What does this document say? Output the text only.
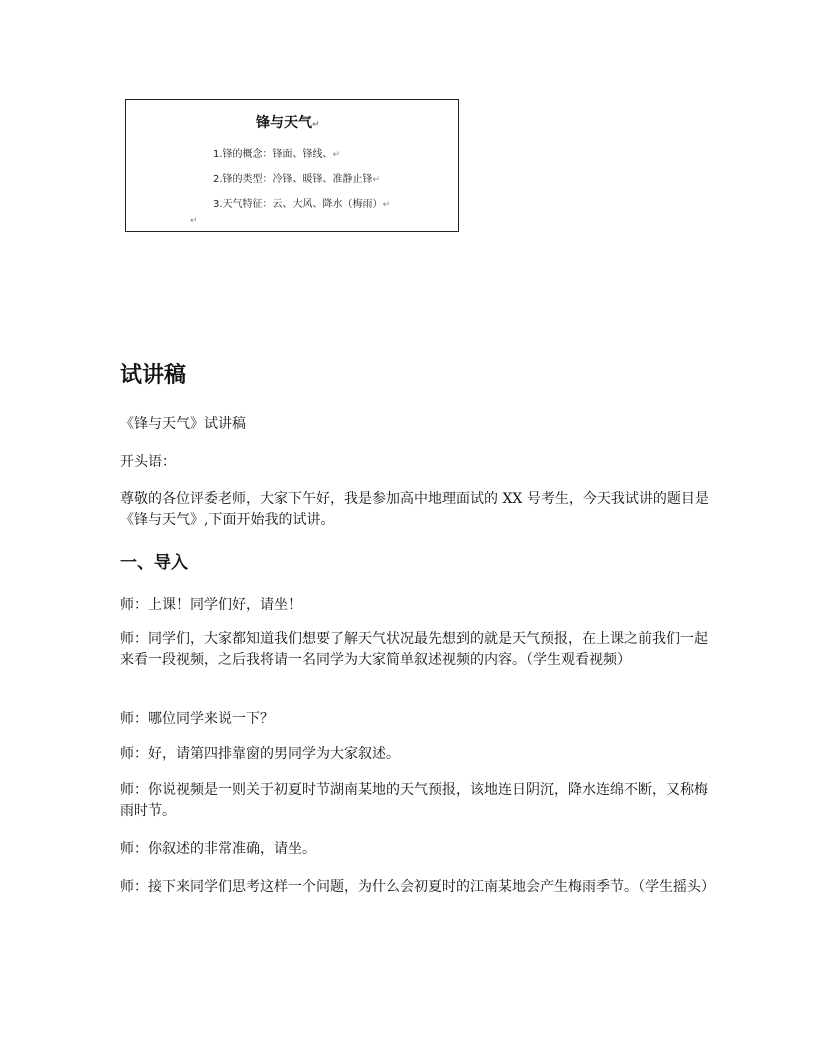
锋与天气↵
1.锋的概念：锋面、锋线、↵
2.锋的类型：冷锋、暖锋、准静止锋↵
3.天气特征：云、大风、降水（梅雨）↵
↵
试讲稿
《锋与天气》试讲稿
开头语：
尊敬的各位评委老师，大家下午好，我是参加高中地理面试的 XX 号考生，今天我试讲的题目是《锋与天气》,下面开始我的试讲。
一、导入
师：上课！同学们好，请坐！
师：同学们，大家都知道我们想要了解天气状况最先想到的就是天气预报，在上课之前我们一起来看一段视频，之后我将请一名同学为大家简单叙述视频的内容。（学生观看视频）
师：哪位同学来说一下？
师：好，请第四排靠窗的男同学为大家叙述。
师：你说视频是一则关于初夏时节湖南某地的天气预报，该地连日阴沉，降水连绵不断，又称梅雨时节。
师：你叙述的非常准确，请坐。
师：接下来同学们思考这样一个问题，为什么会初夏时的江南某地会产生梅雨季节。（学生摇头）
